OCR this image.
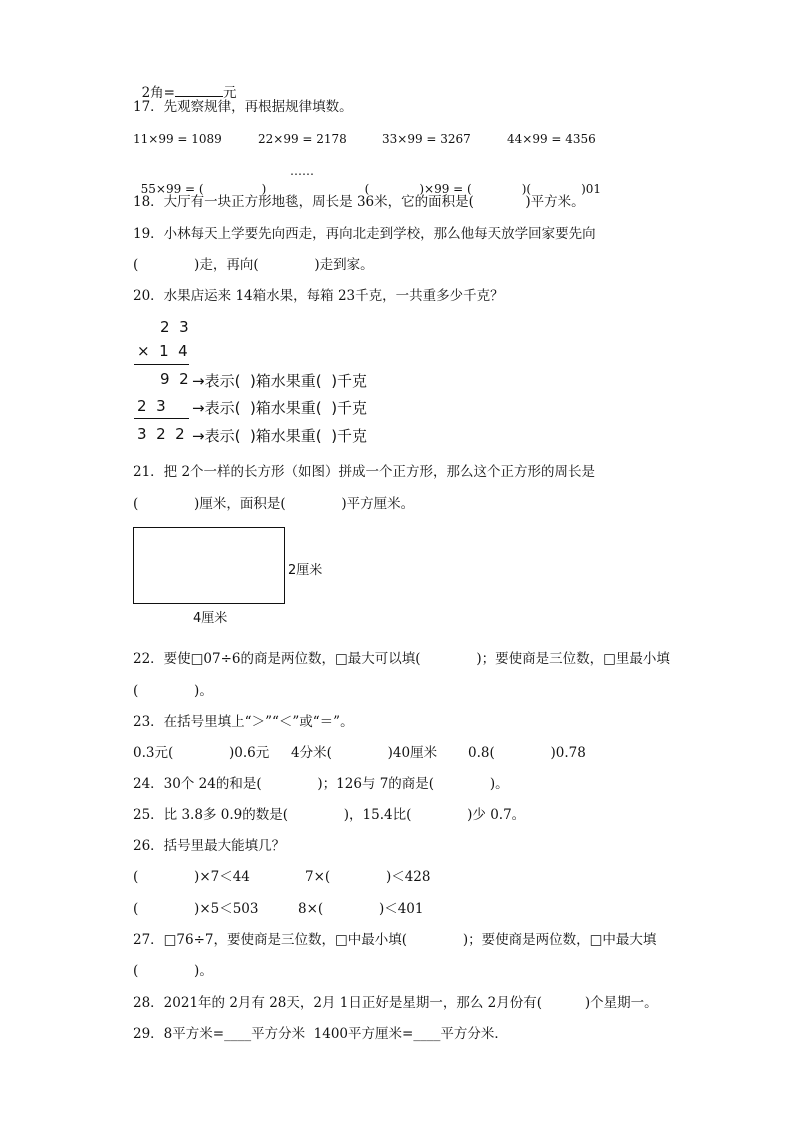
2角=	元

17．先观察规律，再根据规律填数。
11×99 = 1089	22×99 = 2178	33×99 = 3267	44×99 = 4356

55×99 = (	)

……

(	)×99 = (	)(	)01

18．大厅有一块正方形地毯，周长是 36米，它的面积是(            )平方米。
19．小林每天上学要先向西走，再向北走到学校，那么他每天放学回家要先向
(             )走，再向(             )走到家。
20．水果店运来 14箱水果，每箱 23千克，一共重多少千克？
2  3
×  1  4
9  2 →表示(  )箱水果重(  )千克
2  3 →表示(  )箱水果重(  )千克
3  2  2 →表示(  )箱水果重(  )千克
21．把 2个一样的长方形（如图）拼成一个正方形，那么这个正方形的周长是
(             )厘米，面积是(             )平方厘米。
2厘米
4厘米
22．要使□07÷6的商是两位数，□最大可以填(             )；要使商是三位数，□里最小填
(             )。
23．在括号里填上“＞”“＜”或“＝”。
0.3元(             )0.6元 4分米(             )40厘米 0.8(             )0.78
24．30个 24的和是(             )；126与 7的商是(             )。
25．比 3.8多 0.9的数是(             )，15.4比(             )少 0.7。
26．括号里最大能填几？
(             )×7＜44	7×(             )＜428
(             )×5＜503	8×(             )＜401
27．□76÷7，要使商是三位数，□中最小填(             )；要使商是两位数，□中最大填
(             )。
28．2021年的 2月有 28天，2月 1日正好是星期一，那么 2月份有(          )个星期一。
29．8平方米=____平方分米  1400平方厘米=____平方分米．
